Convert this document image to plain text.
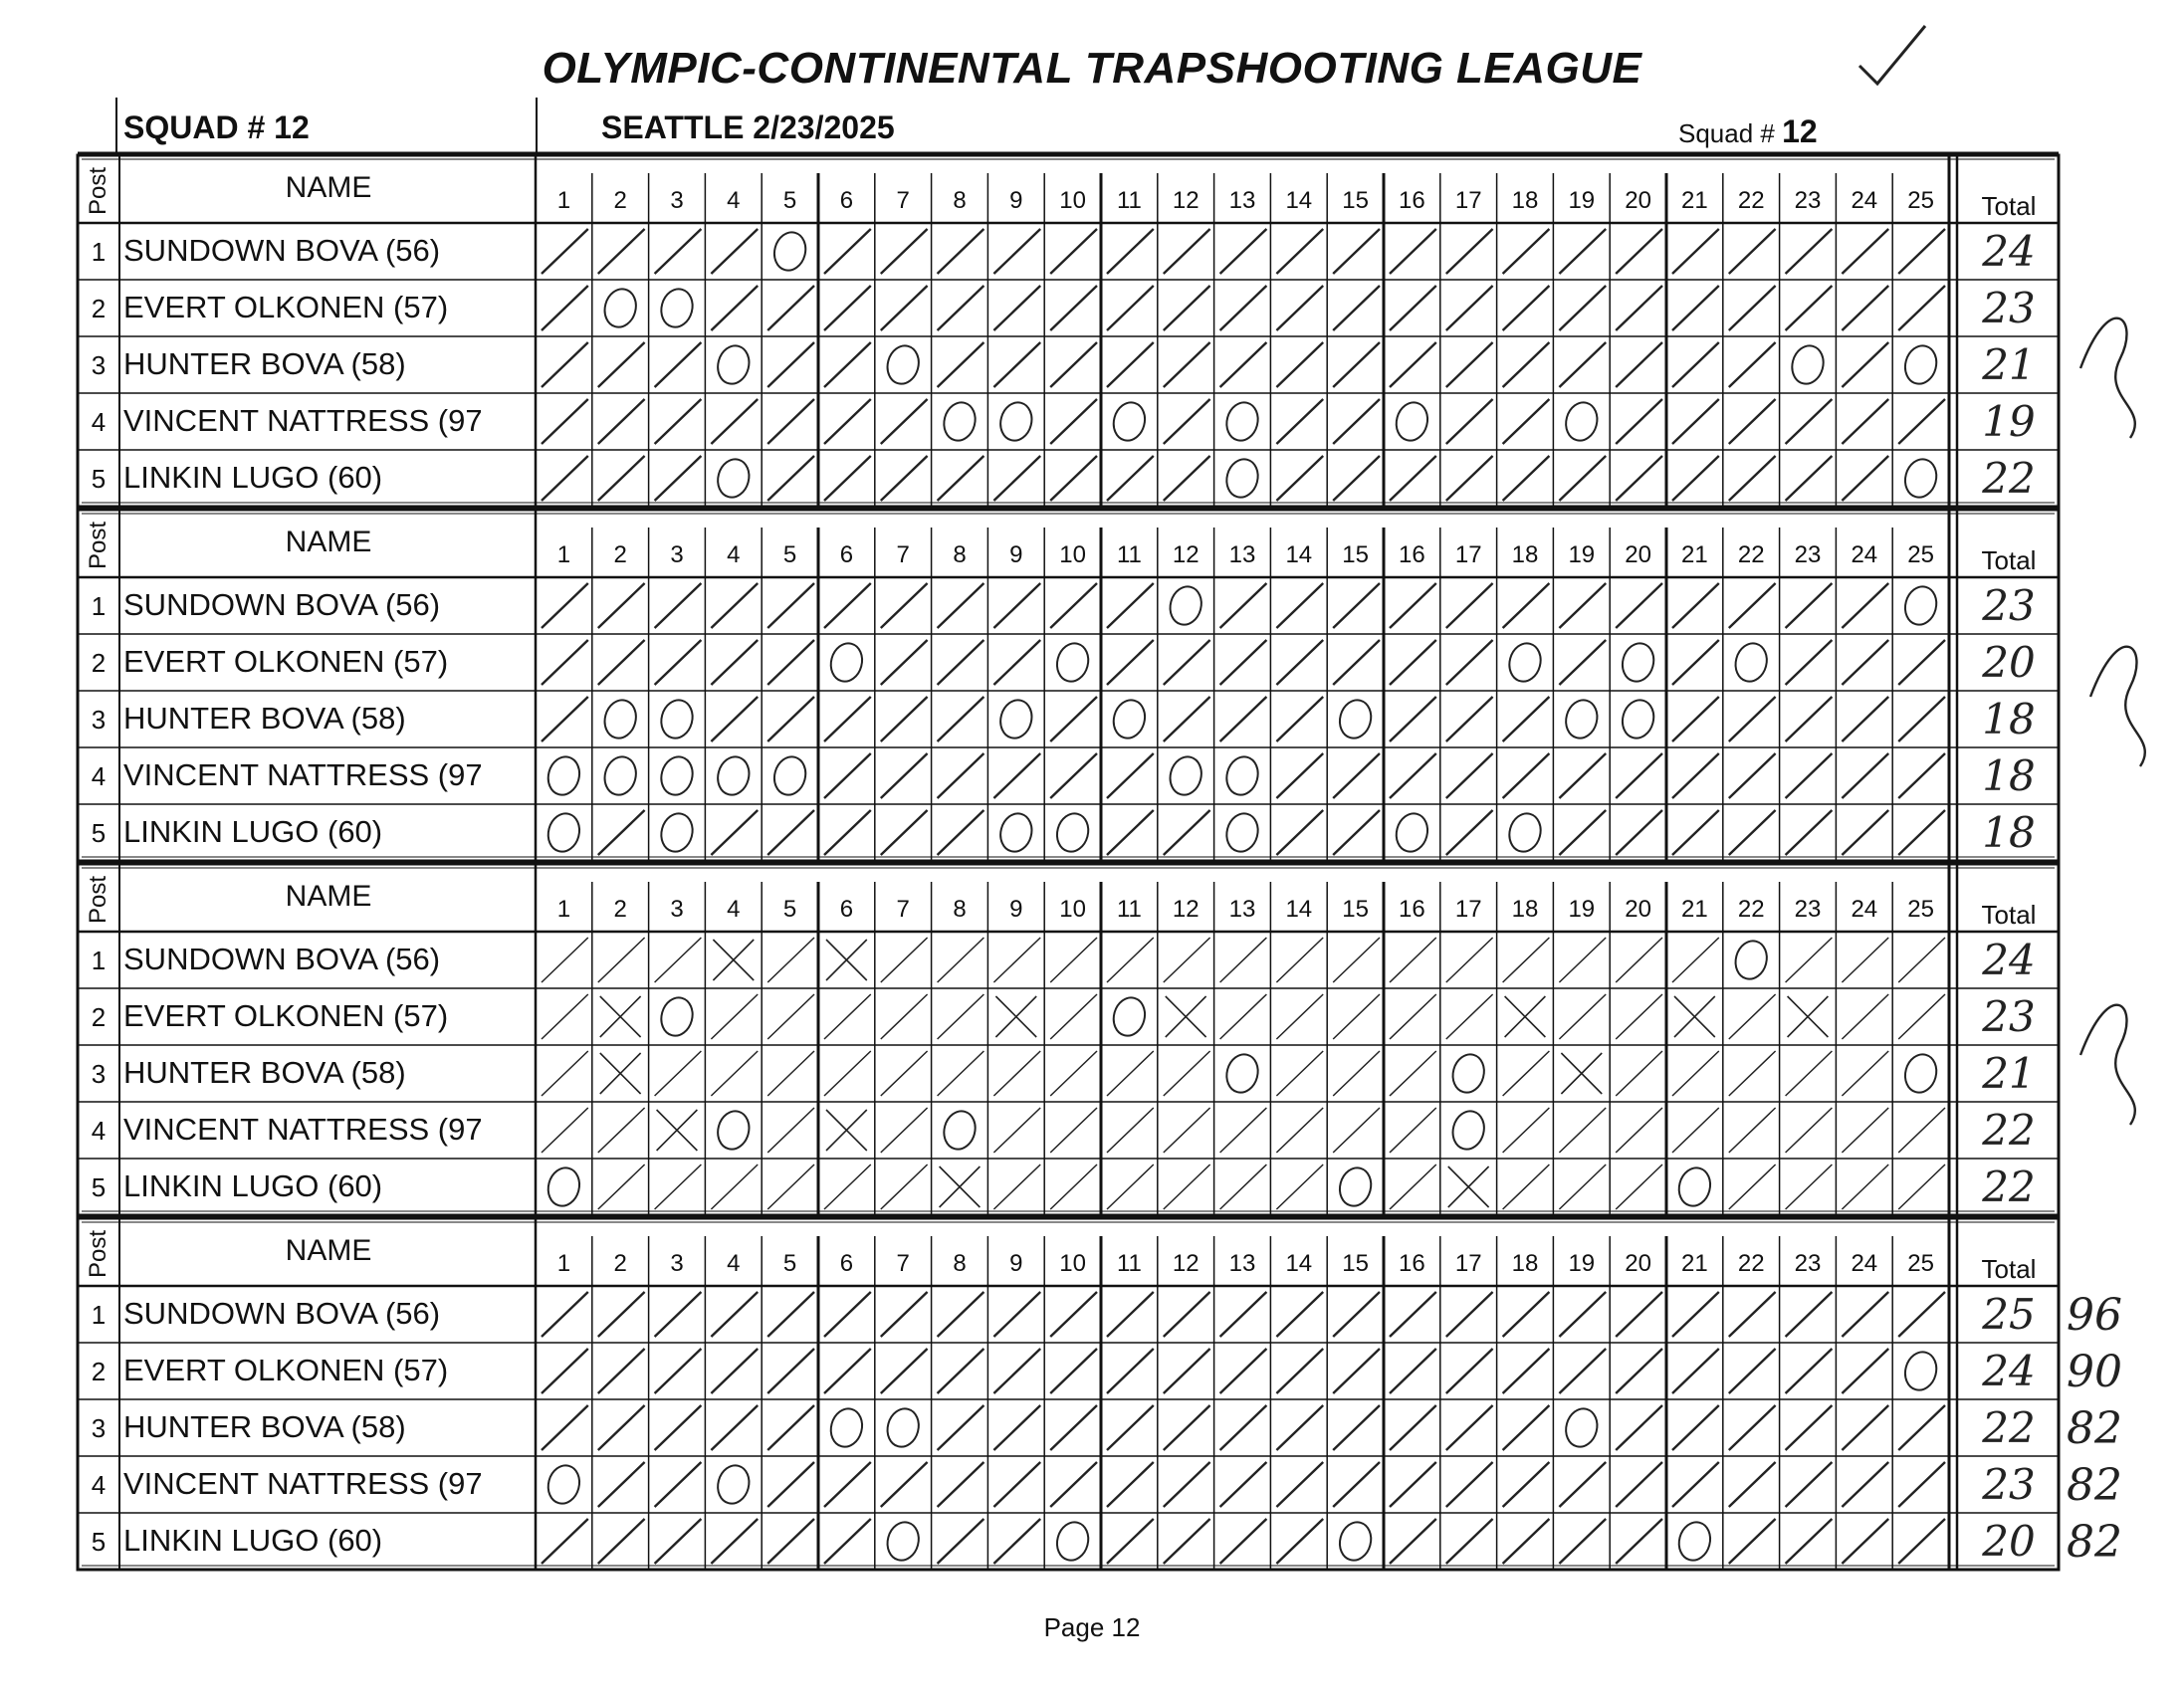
OLYMPIC-CONTINENTAL TRAPSHOOTING LEAGUE
SQUAD # 12	SEATTLE 2/23/2025	Squad # 12
Post	NAME	1	2	3	4	5	6	7	8	9	10	11	12	13	14	15	16	17	18	19	20	21	22	23	24	25	Total
1 SUNDOWN BOVA (56)	24
2 EVERT OLKONEN (57)	23
3 HUNTER BOVA (58)	21
4 VINCENT NATTRESS (97	19
5 LINKIN LUGO (60)	22
Post	NAME	1	2	3	4	5	6	7	8	9	10	11	12	13	14	15	16	17	18	19	20	21	22	23	24	25	Total
1 SUNDOWN BOVA (56)	23
2 EVERT OLKONEN (57)	20
3 HUNTER BOVA (58)	18
4 VINCENT NATTRESS (97	18
5 LINKIN LUGO (60)	18
Post	NAME	1	2	3	4	5	6	7	8	9	10	11	12	13	14	15	16	17	18	19	20	21	22	23	24	25	Total
1 SUNDOWN BOVA (56)	24
2 EVERT OLKONEN (57)	23
3 HUNTER BOVA (58)	21
4 VINCENT NATTRESS (97	22
5 LINKIN LUGO (60)	22
Post	NAME	1	2	3	4	5	6	7	8	9	10	11	12	13	14	15	16	17	18	19	20	21	22	23	24	25	Total
1 SUNDOWN BOVA (56)	25 96
2 EVERT OLKONEN (57)	24 90
3 HUNTER BOVA (58)	22 82
4 VINCENT NATTRESS (97	23 82
5 LINKIN LUGO (60)	20 82
Page 12
